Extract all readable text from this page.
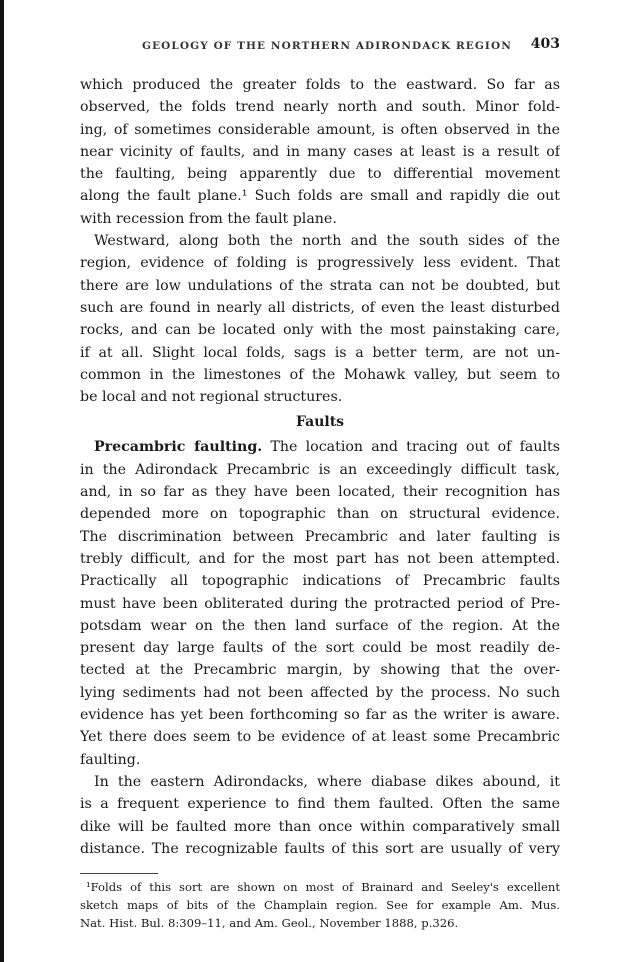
GEOLOGY OF THE NORTHERN ADIRONDACK REGION 403
which produced the greater folds to the eastward. So far as
observed, the folds trend nearly north and south. Minor fold-
ing, of sometimes considerable amount, is often observed in the
near vicinity of faults, and in many cases at least is a result of
the faulting, being apparently due to differential movement
along the fault plane.¹ Such folds are small and rapidly die out
with recession from the fault plane.
Westward, along both the north and the south sides of the
region, evidence of folding is progressively less evident. That
there are low undulations of the strata can not be doubted, but
such are found in nearly all districts, of even the least disturbed
rocks, and can be located only with the most painstaking care,
if at all. Slight local folds, sags is a better term, are not un-
common in the limestones of the Mohawk valley, but seem to
be local and not regional structures.
Faults
Precambric faulting. The location and tracing out of faults
in the Adirondack Precambric is an exceedingly difficult task,
and, in so far as they have been located, their recognition has
depended more on topographic than on structural evidence.
The discrimination between Precambric and later faulting is
trebly difficult, and for the most part has not been attempted.
Practically all topographic indications of Precambric faults
must have been obliterated during the protracted period of Pre-
potsdam wear on the then land surface of the region. At the
present day large faults of the sort could be most readily de-
tected at the Precambric margin, by showing that the over-
lying sediments had not been affected by the process. No such
evidence has yet been forthcoming so far as the writer is aware.
Yet there does seem to be evidence of at least some Precambric
faulting.
In the eastern Adirondacks, where diabase dikes abound, it
is a frequent experience to find them faulted. Often the same
dike will be faulted more than once within comparatively small
distance. The recognizable faults of this sort are usually of very
¹Folds of this sort are shown on most of Brainard and Seeley's excellent
sketch maps of bits of the Champlain region. See for example Am. Mus.
Nat. Hist. Bul. 8:309–11, and Am. Geol., November 1888, p.326.
